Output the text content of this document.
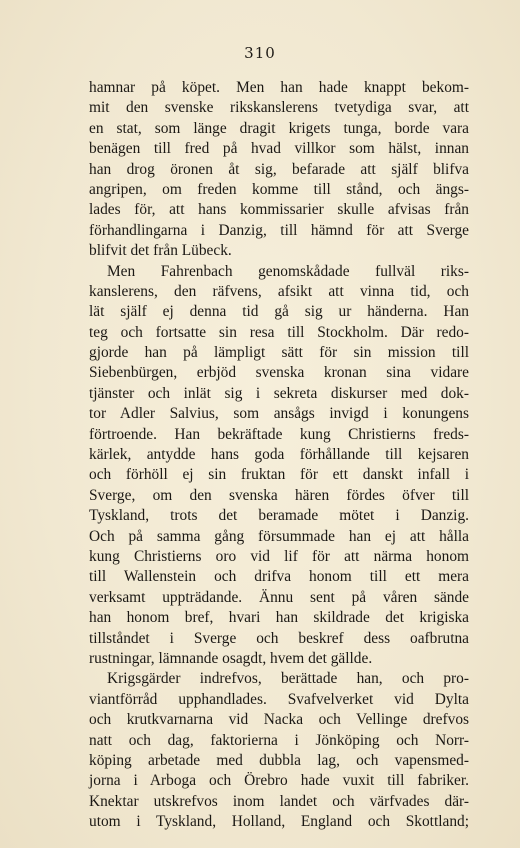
310
hamnar på köpet. Men han hade knappt bekom-
mit den svenske rikskanslerens tvetydiga svar, att
en stat, som länge dragit krigets tunga, borde vara
benägen till fred på hvad villkor som hälst, innan
han drog öronen åt sig, befarade att själf blifva
angripen, om freden komme till stånd, och ängs-
lades för, att hans kommissarier skulle afvisas från
förhandlingarna i Danzig, till hämnd för att Sverge
blifvit det från Lübeck.
Men Fahrenbach genomskådade fullväl riks-
kanslerens, den räfvens, afsikt att vinna tid, och
lät själf ej denna tid gå sig ur händerna. Han
teg och fortsatte sin resa till Stockholm. Där redo-
gjorde han på lämpligt sätt för sin mission till
Siebenbürgen, erbjöd svenska kronan sina vidare
tjänster och inlät sig i sekreta diskurser med dok-
tor Adler Salvius, som ansågs invigd i konungens
förtroende. Han bekräftade kung Christierns freds-
kärlek, antydde hans goda förhållande till kejsaren
och förhöll ej sin fruktan för ett danskt infall i
Sverge, om den svenska hären fördes öfver till
Tyskland, trots det beramade mötet i Danzig.
Och på samma gång försummade han ej att hålla
kung Christierns oro vid lif för att närma honom
till Wallenstein och drifva honom till ett mera
verksamt uppträdande. Ännu sent på våren sände
han honom bref, hvari han skildrade det krigiska
tillståndet i Sverge och beskref dess oafbrutna
rustningar, lämnande osagdt, hvem det gällde.
Krigsgärder indrefvos, berättade han, och pro-
viantförråd upphandlades. Svafvelverket vid Dylta
och krutkvarnarna vid Nacka och Vellinge drefvos
natt och dag, faktorierna i Jönköping och Norr-
köping arbetade med dubbla lag, och vapensmed-
jorna i Arboga och Örebro hade vuxit till fabriker.
Knektar utskrefvos inom landet och värfvades där-
utom i Tyskland, Holland, England och Skottland;
